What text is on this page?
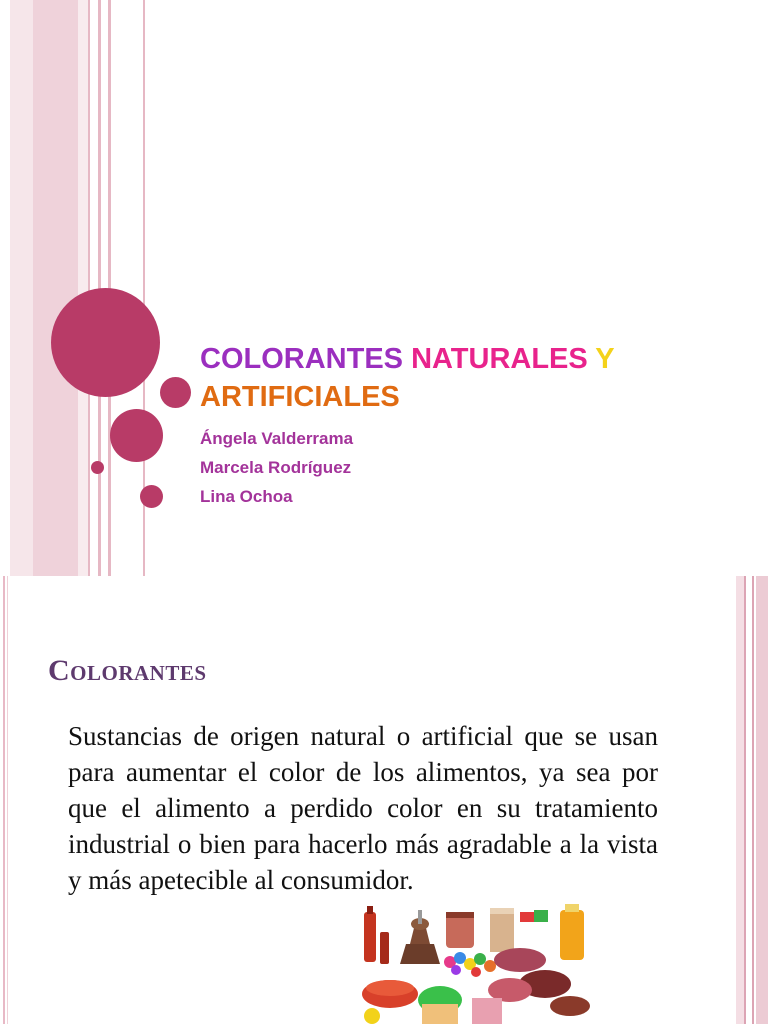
COLORANTES NATURALES Y
ARTIFICIALES
Ángela Valderrama
Marcela Rodríguez
Lina Ochoa
Colorantes

Sustancias de origen natural o artificial que se usan para aumentar el color de los alimentos, ya sea por que el alimento a perdido color en su tratamiento industrial o bien para hacerlo más agradable a la vista y más apetecible al consumidor.
